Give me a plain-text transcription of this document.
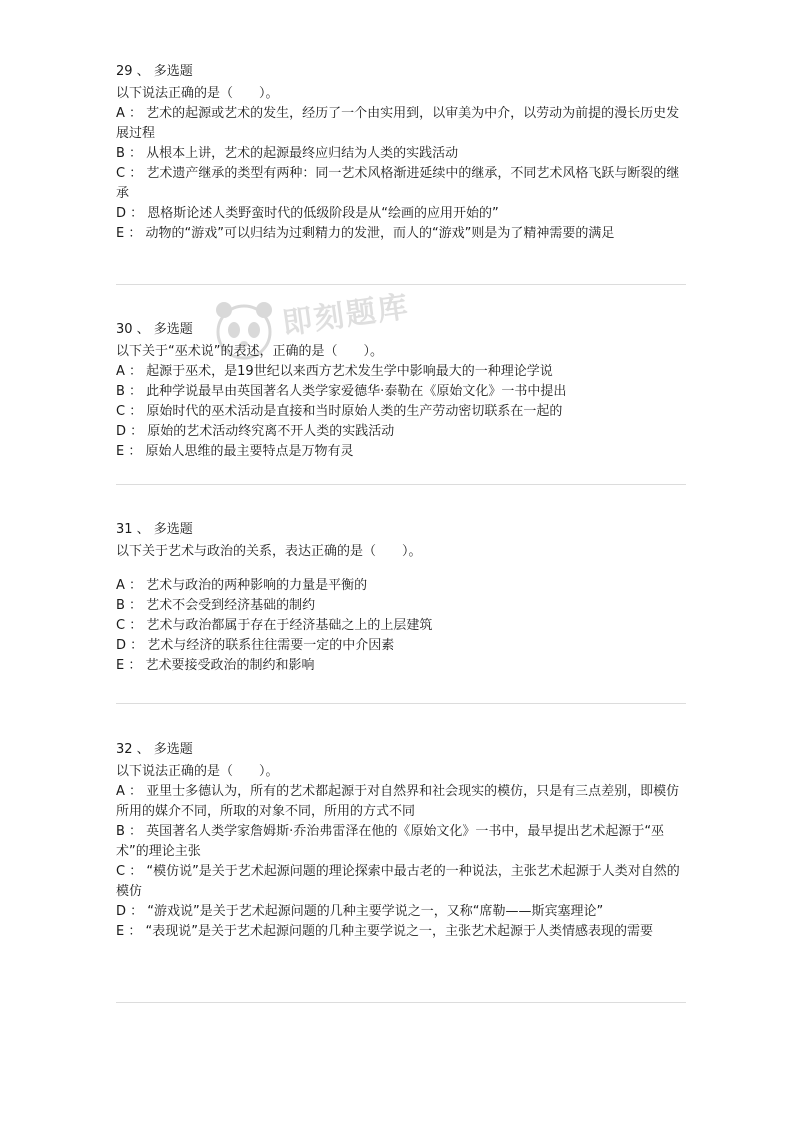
即刻题库
29 、 多选题
以下说法正确的是（　　）。
A ： 艺术的起源或艺术的发生，经历了一个由实用到，以审美为中介，以劳动为前提的漫长历史发展过程
B ： 从根本上讲，艺术的起源最终应归结为人类的实践活动
C ： 艺术遗产继承的类型有两种：同一艺术风格渐进延续中的继承，不同艺术风格飞跃与断裂的继承
D ： 恩格斯论述人类野蛮时代的低级阶段是从“绘画的应用开始的”
E ： 动物的“游戏”可以归结为过剩精力的发泄，而人的“游戏”则是为了精神需要的满足
30 、 多选题
以下关于“巫术说”的表述，正确的是（　　）。
A ： 起源于巫术，是19世纪以来西方艺术发生学中影响最大的一种理论学说
B ： 此种学说最早由英国著名人类学家爱德华·泰勒在《原始文化》一书中提出
C ： 原始时代的巫术活动是直接和当时原始人类的生产劳动密切联系在一起的
D ： 原始的艺术活动终究离不开人类的实践活动
E ： 原始人思维的最主要特点是万物有灵
31 、 多选题
以下关于艺术与政治的关系，表达正确的是（　　）。
A ： 艺术与政治的两种影响的力量是平衡的
B ： 艺术不会受到经济基础的制约
C ： 艺术与政治都属于存在于经济基础之上的上层建筑
D ： 艺术与经济的联系往往需要一定的中介因素
E ： 艺术要接受政治的制约和影响
32 、 多选题
以下说法正确的是（　　）。
A ： 亚里士多德认为，所有的艺术都起源于对自然界和社会现实的模仿，只是有三点差别，即模仿所用的媒介不同，所取的对象不同，所用的方式不同
B ： 英国著名人类学家詹姆斯·乔治弗雷泽在他的《原始文化》一书中，最早提出艺术起源于“巫术”的理论主张
C ： “模仿说”是关于艺术起源问题的理论探索中最古老的一种说法，主张艺术起源于人类对自然的模仿
D ： “游戏说”是关于艺术起源问题的几种主要学说之一，又称“席勒——斯宾塞理论”
E ： “表现说”是关于艺术起源问题的几种主要学说之一，主张艺术起源于人类情感表现的需要
